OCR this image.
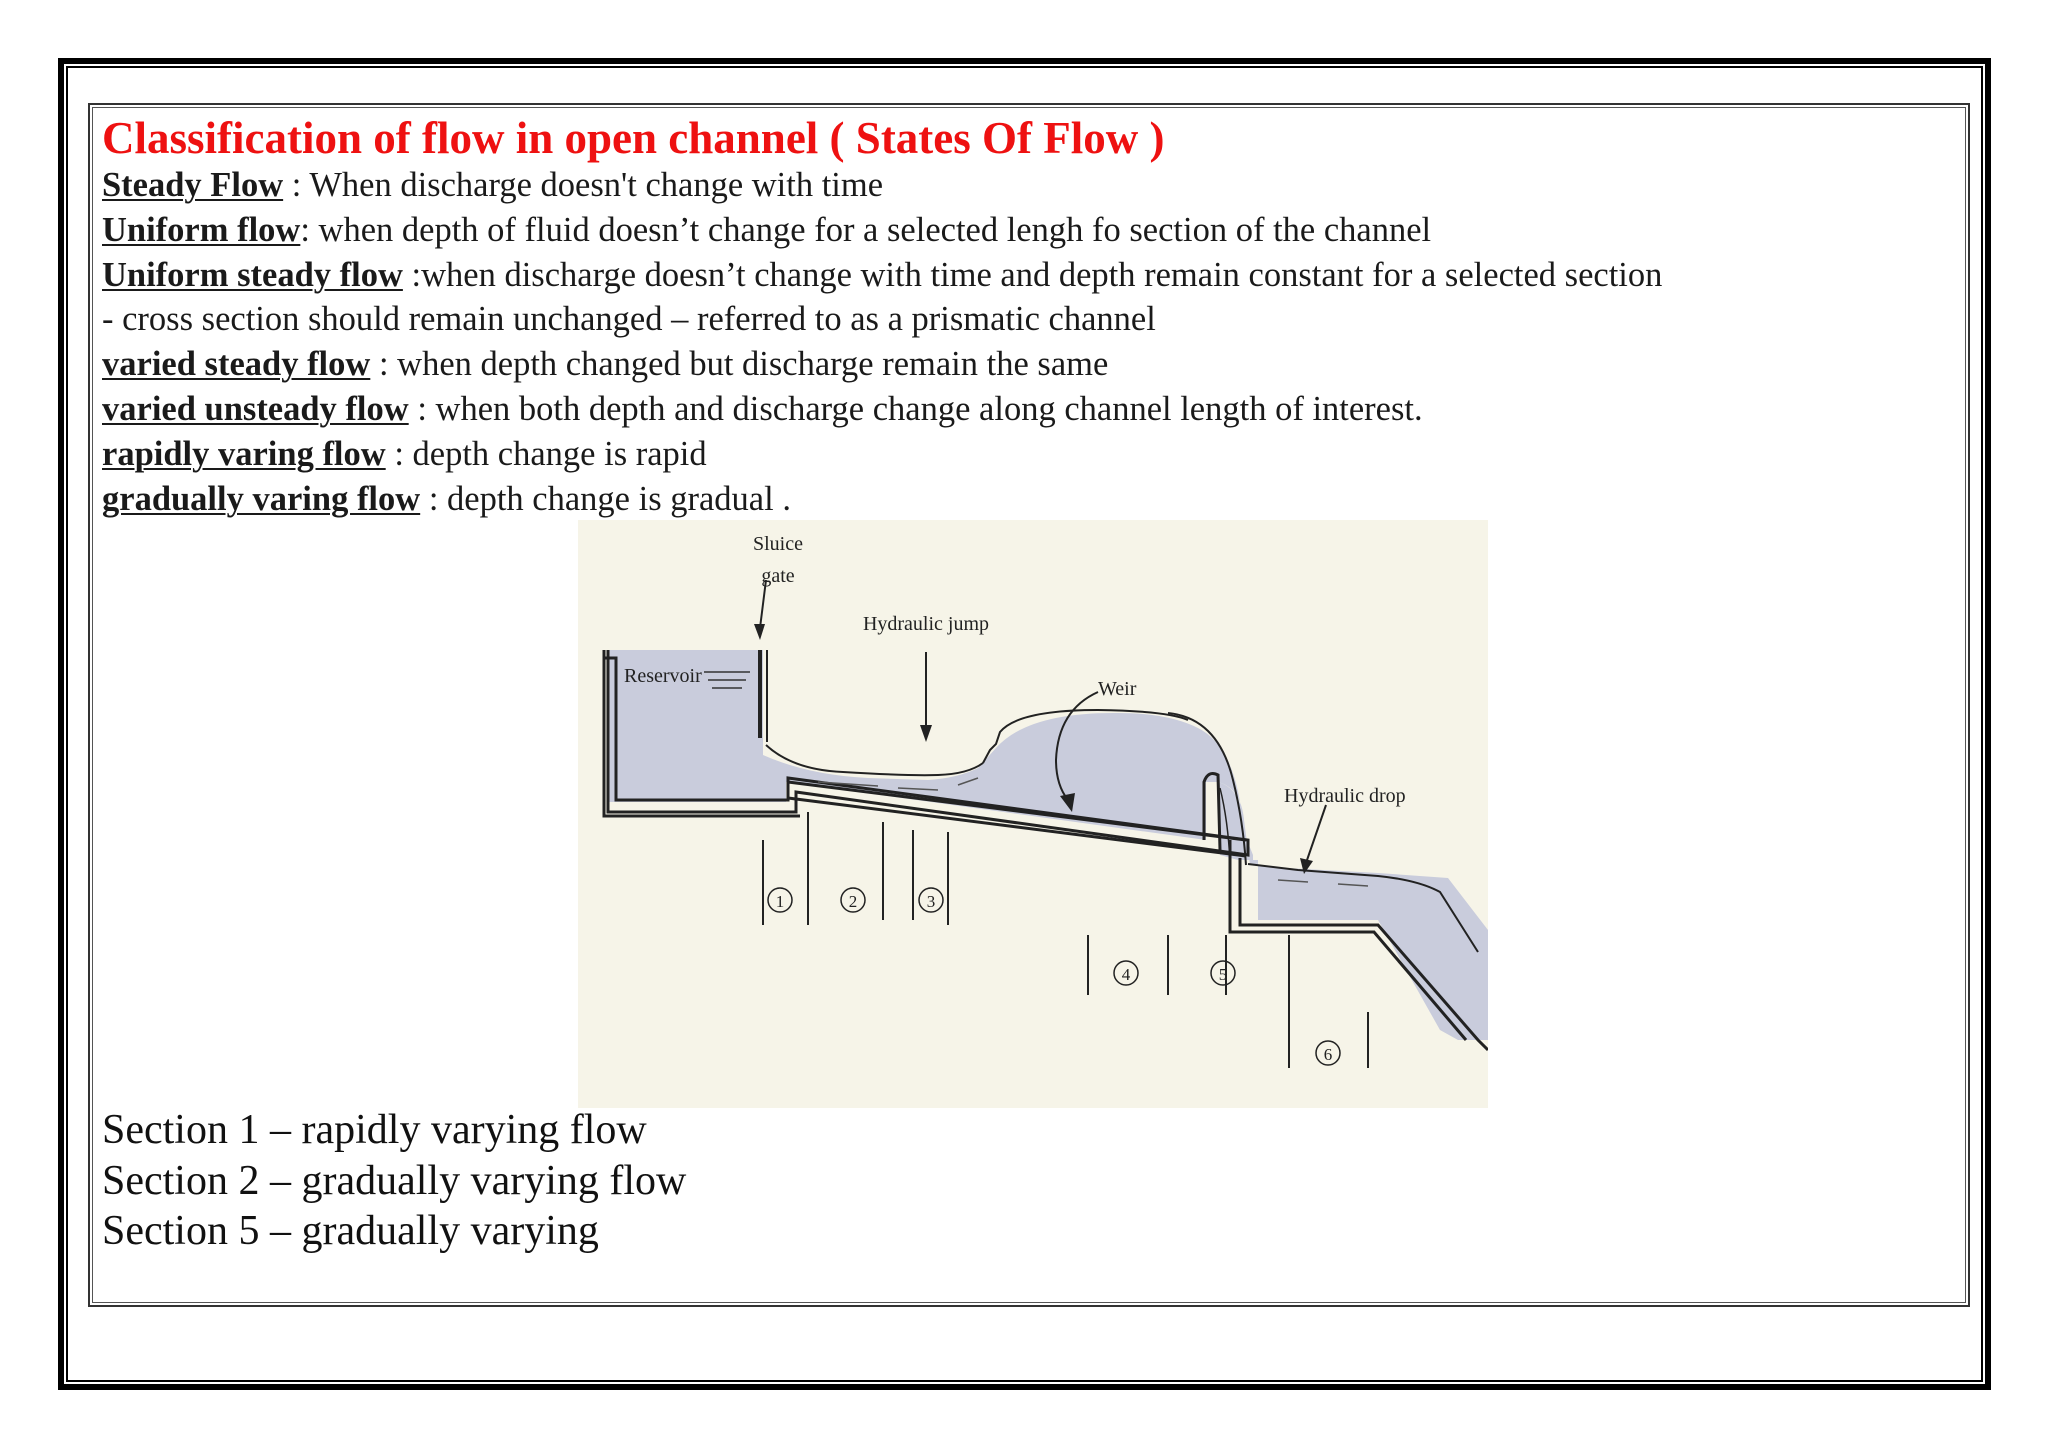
Classification of flow in open channel ( States Of Flow )
Steady Flow : When discharge doesn't change with time
Uniform flow: when depth of fluid doesn’t change for a selected lengh fo section of the channel
Uniform steady flow :when discharge doesn’t change with time and depth remain constant for a selected section
- cross section should remain unchanged – referred to as a prismatic channel
varied steady flow : when depth changed but discharge remain the same
varied unsteady flow : when both depth and discharge change along channel length of interest.
rapidly varing flow : depth change is rapid
gradually varing flow : depth change is gradual .
Sluice
gate
Hydraulic jump
Reservoir
Weir
Hydraulic drop
1	2	3
4	5
6
Section 1 – rapidly varying flow
Section 2 – gradually varying flow
Section 5 – gradually varying
